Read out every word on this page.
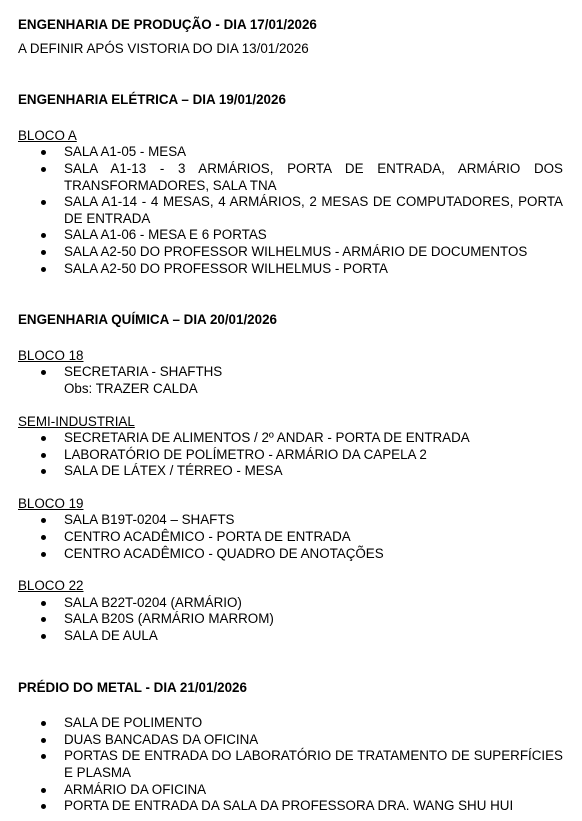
ENGENHARIA DE PRODUÇÃO - DIA 17/01/2026

A DEFINIR APÓS VISTORIA DO DIA 13/01/2026

ENGENHARIA ELÉTRICA – DIA 19/01/2026

BLOCO A

SALA A1-05 - MESA
SALA A1-13 - 3 ARMÁRIOS, PORTA DE ENTRADA, ARMÁRIO DOS TRANSFORMADORES, SALA TNA
SALA A1-14 - 4 MESAS, 4 ARMÁRIOS, 2 MESAS DE COMPUTADORES, PORTA DE ENTRADA
SALA A1-06 - MESA E 6 PORTAS
SALA A2-50 DO PROFESSOR WILHELMUS - ARMÁRIO DE DOCUMENTOS
SALA A2-50 DO PROFESSOR WILHELMUS - PORTA

ENGENHARIA QUÍMICA – DIA 20/01/2026

BLOCO 18

SECRETARIA - SHAFTHS
Obs: TRAZER CALDA

SEMI-INDUSTRIAL

SECRETARIA DE ALIMENTOS / 2º ANDAR - PORTA DE ENTRADA
LABORATÓRIO DE POLÍMETRO - ARMÁRIO DA CAPELA 2
SALA DE LÁTEX / TÉRREO - MESA

BLOCO 19

SALA B19T-0204 – SHAFTS
CENTRO ACADÊMICO - PORTA DE ENTRADA
CENTRO ACADÊMICO - QUADRO DE ANOTAÇÕES

BLOCO 22

SALA B22T-0204 (ARMÁRIO)
SALA B20S (ARMÁRIO MARROM)
SALA DE AULA

PRÉDIO DO METAL - DIA 21/01/2026

SALA DE POLIMENTO
DUAS BANCADAS DA OFICINA
PORTAS DE ENTRADA DO LABORATÓRIO DE TRATAMENTO DE SUPERFÍCIES E PLASMA
ARMÁRIO DA OFICINA
PORTA DE ENTRADA DA SALA DA PROFESSORA DRA. WANG SHU HUI
